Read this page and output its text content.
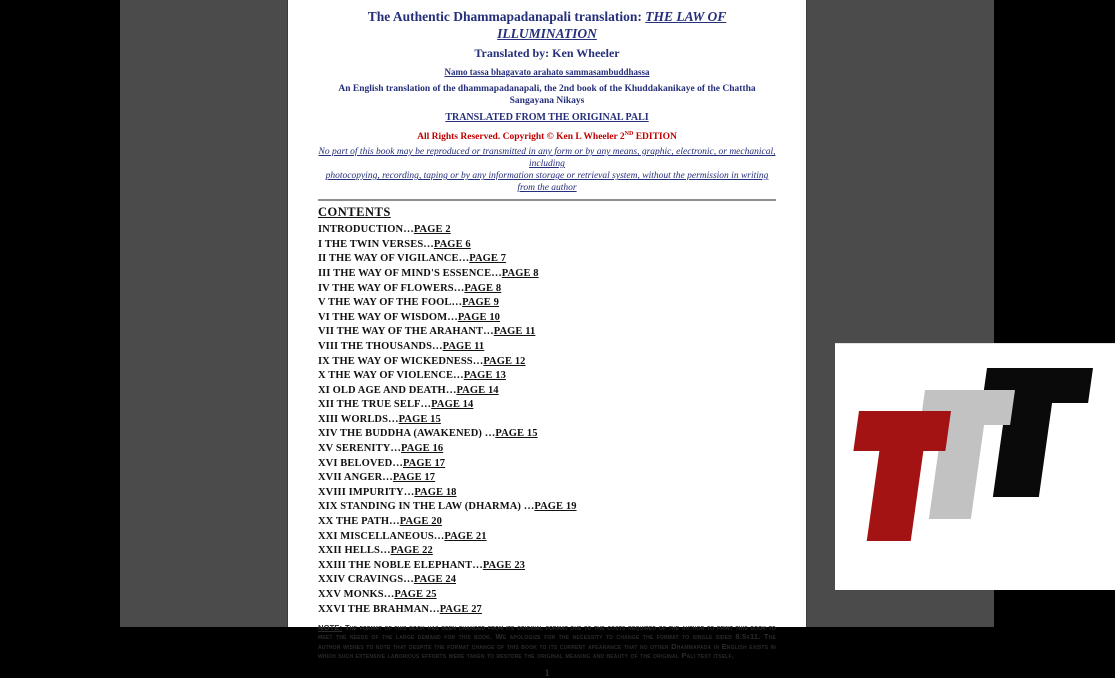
The Authentic Dhammapadanapali translation: THE LAW OF ILLUMINATION

Translated by: Ken Wheeler

Namo tassa bhagavato arahato sammasambuddhassa

An English translation of the dhammapadanapali, the 2nd book of the Khuddakanikaye of the Chattha Sangayana Nikays

TRANSLATED FROM THE ORIGINAL PALI

All Rights Reserved. Copyright © Ken L Wheeler 2ND EDITION

No part of this book may be reproduced or transmitted in any form or by any means, graphic, electronic, or mechanical, including
photocopying, recording, taping or by any information storage or retrieval system, without the permission in writing from the author

CONTENTS
INTRODUCTION…PAGE 2
I THE TWIN VERSES…PAGE 6
II THE WAY OF VIGILANCE…PAGE 7
III THE WAY OF MIND'S ESSENCE…PAGE 8
IV THE WAY OF FLOWERS…PAGE 8
V THE WAY OF THE FOOL…PAGE 9
VI THE WAY OF WISDOM…PAGE 10
VII THE WAY OF THE ARAHANT…PAGE 11
VIII THE THOUSANDS…PAGE 11
IX THE WAY OF WICKEDNESS…PAGE 12
X THE WAY OF VIOLENCE…PAGE 13
XI OLD AGE AND DEATH…PAGE 14
XII THE TRUE SELF…PAGE 14
XIII WORLDS…PAGE 15
XIV THE BUDDHA (AWAKENED) …PAGE 15
XV SERENITY…PAGE 16
XVI BELOVED…PAGE 17
XVII ANGER…PAGE 17
XVIII IMPURITY…PAGE 18
XIX STANDING IN THE LAW (DHARMA) …PAGE 19
XX THE PATH…PAGE 20
XXI MISCELLANEOUS…PAGE 21
XXII HELLS…PAGE 22
XXIII THE NOBLE ELEPHANT…PAGE 23
XXIV CRAVINGS…PAGE 24
XXV MONKS…PAGE 25
XXVI THE BRAHMAN…PAGE 27

NOTE: The format of this book has been changed from its original format due to the costs required of the author to print this book to meet the needs of the large demand for this book. We apologize for the necessity to change the format to single sided 8.5x11. The author wishes to note that despite the format change of this book to its current apearance that no other Dhammapada in English exists in which such extensive laborious efforts were taken to restore the original meaning and beauty of the original Pali text itself.

1
